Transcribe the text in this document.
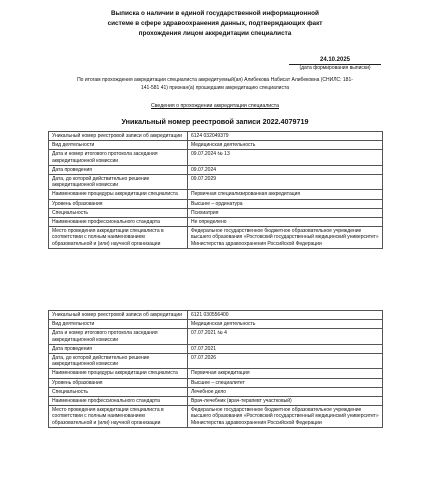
Выписка о наличии в единой государственной информационной
системе в сфере здравоохранения данных, подтверждающих факт
прохождения лицом аккредитации специалиста
24.10.2025
(дата формирования выписки)
По итогам прохождения аккредитации специалиста аккредитуемый(ая) Алибекова Набисат Алибековна (СНИЛС: 181-
141-581 41) признан(а) прошедшим аккредитацию специалиста
Сведения о прохождении аккредитации специалиста
Уникальный номер реестровой записи 2022.4079719
Уникальный номер реестровой записи об аккредитации	6124 032049379
Вид деятельности	Медицинская деятельность
Дата и номер итогового протокола заседания аккредитационной комиссии	09.07.2024 № 13
Дата проведения	09.07.2024
Дата, до которой действительно решение аккредитационной комиссии	09.07.2029
Наименование процедуры аккредитации специалиста	Первичная специализированная аккредитация
Уровень образования	Высшее – ординатура
Специальность	Психиатрия
Наименование профессионального стандарта	Не определено
Место проведения аккредитации специалиста в соответствии с полным наименованием образовательной и (или) научной организации	Федеральное государственное бюджетное образовательное учреждение высшего образования «Ростовский государственный медицинский университет» Министерства здравоохранения Российской Федерации
Уникальный номер реестровой записи об аккредитации	6121 030556400
Вид деятельности	Медицинская деятельность
Дата и номер итогового протокола заседания аккредитационной комиссии	07.07.2021 № 4
Дата проведения	07.07.2021
Дата, до которой действительно решение аккредитационной комиссии	07.07.2026
Наименование процедуры аккредитации специалиста	Первичная аккредитация
Уровень образования	Высшее – специалитет
Специальность	Лечебное дело
Наименование профессионального стандарта	Врач-лечебник (врач-терапевт участковый)
Место проведения аккредитации специалиста в соответствии с полным наименованием образовательной и (или) научной организации	Федеральное государственное бюджетное образовательное учреждение высшего образования «Ростовский государственный медицинский университет» Министерства здравоохранения Российской Федерации
